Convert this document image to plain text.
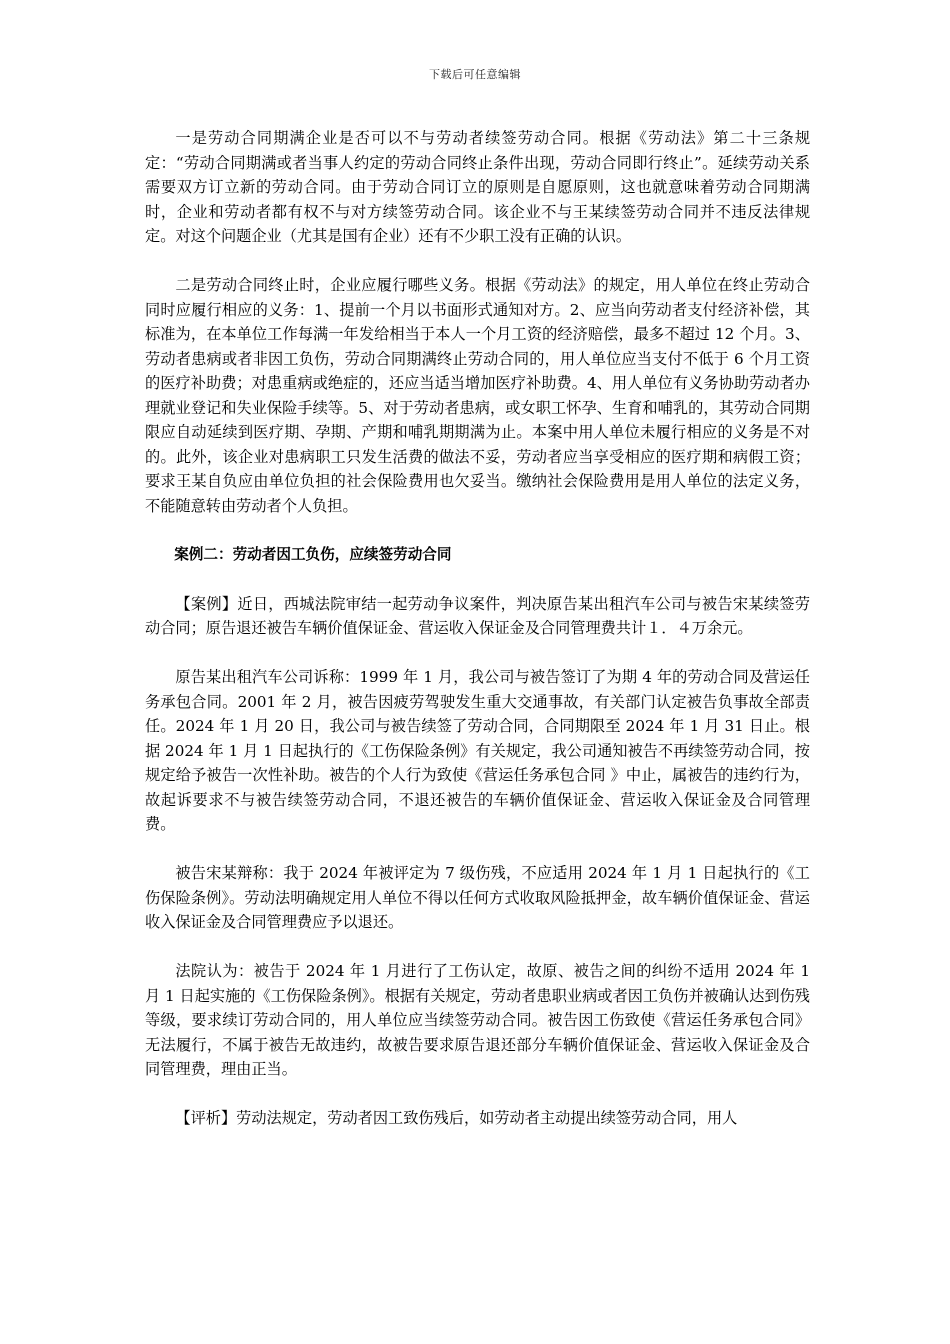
下载后可任意编辑

一是劳动合同期满企业是否可以不与劳动者续签劳动合同。根据《劳动法》第二十三条规定：“劳动合同期满或者当事人约定的劳动合同终止条件出现，劳动合同即行终止”。延续劳动关系需要双方订立新的劳动合同。由于劳动合同订立的原则是自愿原则，这也就意味着劳动合同期满时，企业和劳动者都有权不与对方续签劳动合同。该企业不与王某续签劳动合同并不违反法律规定。对这个问题企业（尤其是国有企业）还有不少职工没有正确的认识。

二是劳动合同终止时，企业应履行哪些义务。根据《劳动法》的规定，用人单位在终止劳动合同时应履行相应的义务：1、提前一个月以书面形式通知对方。2、应当向劳动者支付经济补偿，其标准为，在本单位工作每满一年发给相当于本人一个月工资的经济赔偿，最多不超过 12 个月。3、劳动者患病或者非因工负伤，劳动合同期满终止劳动合同的，用人单位应当支付不低于 6 个月工资的医疗补助费；对患重病或绝症的，还应当适当增加医疗补助费。4、用人单位有义务协助劳动者办理就业登记和失业保险手续等。5、对于劳动者患病，或女职工怀孕、生育和哺乳的，其劳动合同期限应自动延续到医疗期、孕期、产期和哺乳期期满为止。本案中用人单位未履行相应的义务是不对的。此外，该企业对患病职工只发生活费的做法不妥，劳动者应当享受相应的医疗期和病假工资；要求王某自负应由单位负担的社会保险费用也欠妥当。缴纳社会保险费用是用人单位的法定义务，不能随意转由劳动者个人负担。

案例二：劳动者因工负伤，应续签劳动合同

【案例】近日，西城法院审结一起劳动争议案件，判决原告某出租汽车公司与被告宋某续签劳动合同；原告退还被告车辆价值保证金、营运收入保证金及合同管理费共计１．４万余元。

原告某出租汽车公司诉称：1999 年 1 月，我公司与被告签订了为期 4 年的劳动合同及营运任务承包合同。2001 年 2 月，被告因疲劳驾驶发生重大交通事故，有关部门认定被告负事故全部责任。2024 年 1 月 20 日，我公司与被告续签了劳动合同，合同期限至 2024 年 1 月 31 日止。根据 2024 年 1 月 1 日起执行的《工伤保险条例》有关规定，我公司通知被告不再续签劳动合同，按规定给予被告一次性补助。被告的个人行为致使《营运任务承包合同 》中止，属被告的违约行为，故起诉要求不与被告续签劳动合同，不退还被告的车辆价值保证金、营运收入保证金及合同管理费。

被告宋某辩称：我于 2024 年被评定为 7 级伤残，不应适用 2024 年 1 月 1 日起执行的《工伤保险条例》。劳动法明确规定用人单位不得以任何方式收取风险抵押金，故车辆价值保证金、营运收入保证金及合同管理费应予以退还。

法院认为：被告于 2024 年 1 月进行了工伤认定，故原、被告之间的纠纷不适用 2024 年 1 月 1 日起实施的《工伤保险条例》。根据有关规定，劳动者患职业病或者因工负伤并被确认达到伤残等级，要求续订劳动合同的，用人单位应当续签劳动合同。被告因工伤致使《营运任务承包合同》无法履行，不属于被告无故违约，故被告要求原告退还部分车辆价值保证金、营运收入保证金及合同管理费，理由正当。

【评析】劳动法规定，劳动者因工致伤残后，如劳动者主动提出续签劳动合同，用人
